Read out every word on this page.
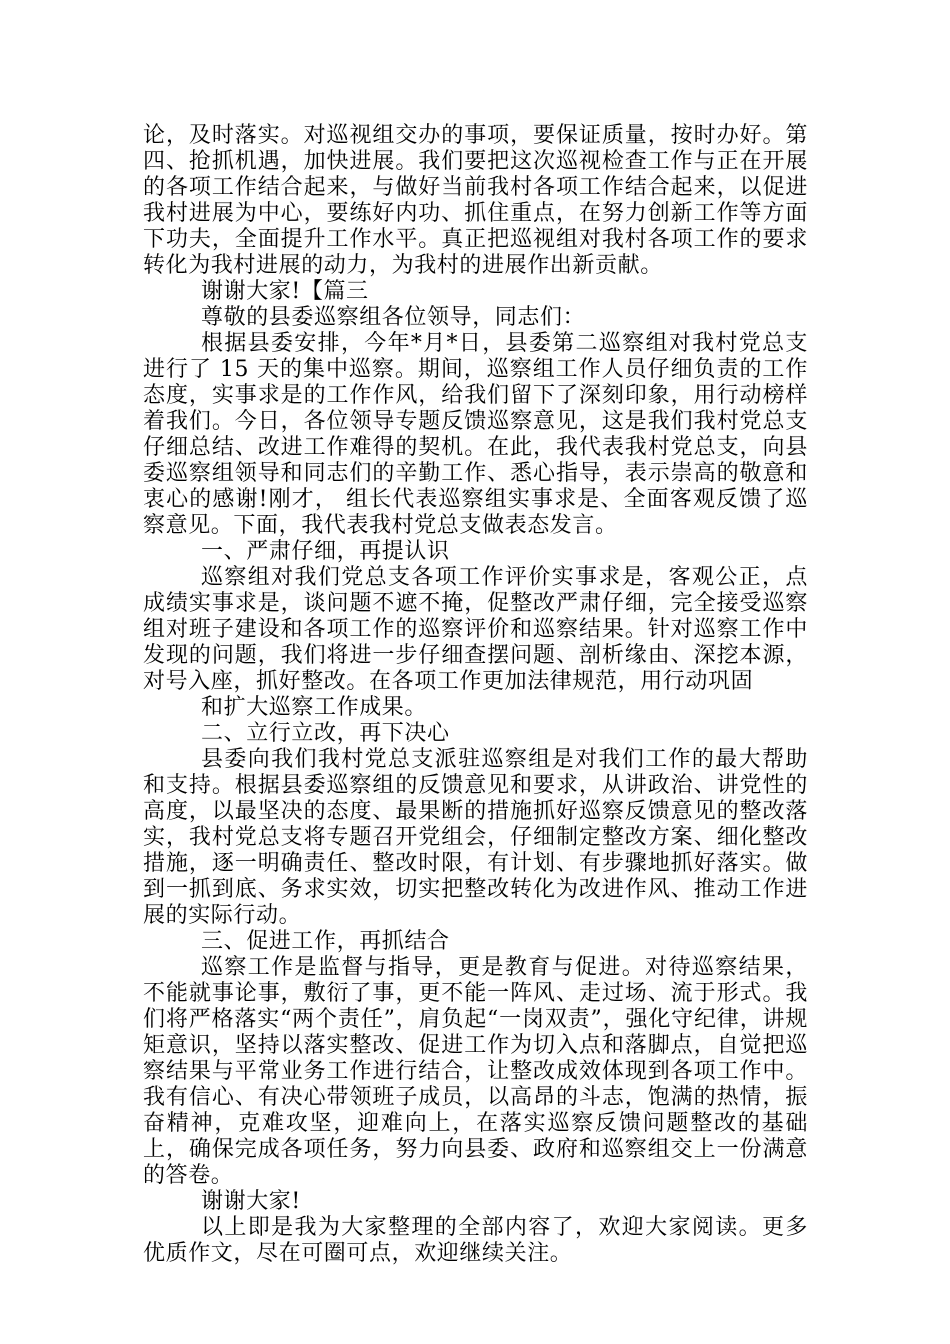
论，及时落实。对巡视组交办的事项，要保证质量，按时办好。第四、抢抓机遇，加快进展。我们要把这次巡视检查工作与正在开展的各项工作结合起来，与做好当前我村各项工作结合起来，以促进我村进展为中心，要练好内功、抓住重点，在努力创新工作等方面下功夫，全面提升工作水平。真正把巡视组对我村各项工作的要求转化为我村进展的动力，为我村的进展作出新贡献。

谢谢大家!【篇三

尊敬的县委巡察组各位领导，同志们：

根据县委安排，今年*月*日，县委第二巡察组对我村党总支进行了 15 天的集中巡察。期间，巡察组工作人员仔细负责的工作态度，实事求是的工作作风，给我们留下了深刻印象，用行动榜样着我们。今日，各位领导专题反馈巡察意见，这是我们我村党总支仔细总结、改进工作难得的契机。在此，我代表我村党总支，向县委巡察组领导和同志们的辛勤工作、悉心指导，表示崇高的敬意和衷心的感谢!刚才， 组长代表巡察组实事求是、全面客观反馈了巡察意见。下面，我代表我村党总支做表态发言。

一、严肃仔细，再提认识

巡察组对我们党总支各项工作评价实事求是，客观公正，点成绩实事求是，谈问题不遮不掩，促整改严肃仔细，完全接受巡察组对班子建设和各项工作的巡察评价和巡察结果。针对巡察工作中发现的问题，我们将进一步仔细查摆问题、剖析缘由、深挖本源，对号入座，抓好整改。在各项工作更加法律规范，用行动巩固

和扩大巡察工作成果。

二、立行立改，再下决心

县委向我们我村党总支派驻巡察组是对我们工作的最大帮助和支持。根据县委巡察组的反馈意见和要求，从讲政治、讲党性的高度，以最坚决的态度、最果断的措施抓好巡察反馈意见的整改落实，我村党总支将专题召开党组会，仔细制定整改方案、细化整改措施，逐一明确责任、整改时限，有计划、有步骤地抓好落实。做到一抓到底、务求实效，切实把整改转化为改进作风、推动工作进展的实际行动。

三、促进工作，再抓结合

巡察工作是监督与指导，更是教育与促进。对待巡察结果，不能就事论事，敷衍了事，更不能一阵风、走过场、流于形式。我们将严格落实“两个责任”，肩负起“一岗双责”，强化守纪律，讲规矩意识，坚持以落实整改、促进工作为切入点和落脚点，自觉把巡察结果与平常业务工作进行结合，让整改成效体现到各项工作中。我有信心、有决心带领班子成员，以高昂的斗志，饱满的热情，振奋精神，克难攻坚，迎难向上，在落实巡察反馈问题整改的基础上，确保完成各项任务，努力向县委、政府和巡察组交上一份满意的答卷。

谢谢大家!

以上即是我为大家整理的全部内容了，欢迎大家阅读。更多优质作文，尽在可圈可点，欢迎继续关注。
